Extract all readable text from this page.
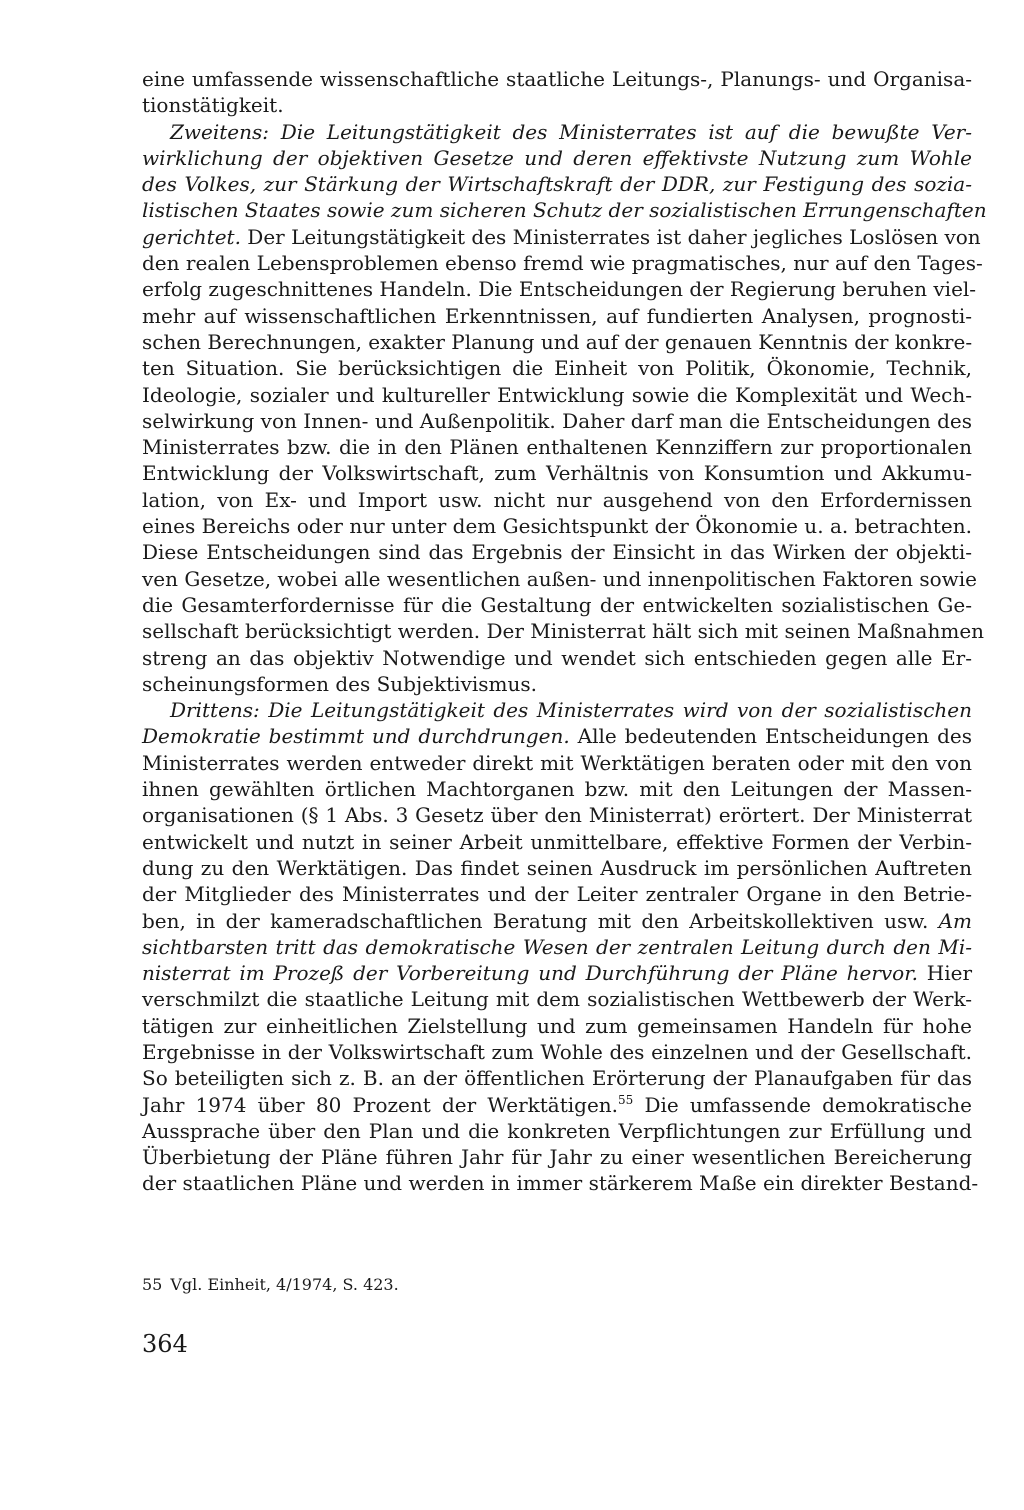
eine umfassende wissenschaftliche staatliche Leitungs-, Planungs- und Organisa-
tionstätigkeit.
Zweitens: Die Leitungstätigkeit des Ministerrates ist auf die bewußte Ver-
wirklichung der objektiven Gesetze und deren effektivste Nutzung zum Wohle
des Volkes, zur Stärkung der Wirtschaftskraft der DDR, zur Festigung des sozia-
listischen Staates sowie zum sicheren Schutz der sozialistischen Errungenschaften
gerichtet. Der Leitungstätigkeit des Ministerrates ist daher jegliches Loslösen von
den realen Lebensproblemen ebenso fremd wie pragmatisches, nur auf den Tages-
erfolg zugeschnittenes Handeln. Die Entscheidungen der Regierung beruhen viel-
mehr auf wissenschaftlichen Erkenntnissen, auf fundierten Analysen, prognosti-
schen Berechnungen, exakter Planung und auf der genauen Kenntnis der konkre-
ten Situation. Sie berücksichtigen die Einheit von Politik, Ökonomie, Technik,
Ideologie, sozialer und kultureller Entwicklung sowie die Komplexität und Wech-
selwirkung von Innen- und Außenpolitik. Daher darf man die Entscheidungen des
Ministerrates bzw. die in den Plänen enthaltenen Kennziffern zur proportionalen
Entwicklung der Volkswirtschaft, zum Verhältnis von Konsumtion und Akkumu-
lation, von Ex- und Import usw. nicht nur ausgehend von den Erfordernissen
eines Bereichs oder nur unter dem Gesichtspunkt der Ökonomie u. a. betrachten.
Diese Entscheidungen sind das Ergebnis der Einsicht in das Wirken der objekti-
ven Gesetze, wobei alle wesentlichen außen- und innenpolitischen Faktoren sowie
die Gesamterfordernisse für die Gestaltung der entwickelten sozialistischen Ge-
sellschaft berücksichtigt werden. Der Ministerrat hält sich mit seinen Maßnahmen
streng an das objektiv Notwendige und wendet sich entschieden gegen alle Er-
scheinungsformen des Subjektivismus.
Drittens: Die Leitungstätigkeit des Ministerrates wird von der sozialistischen
Demokratie bestimmt und durchdrungen. Alle bedeutenden Entscheidungen des
Ministerrates werden entweder direkt mit Werktätigen beraten oder mit den von
ihnen gewählten örtlichen Machtorganen bzw. mit den Leitungen der Massen-
organisationen (§ 1 Abs. 3 Gesetz über den Ministerrat) erörtert. Der Ministerrat
entwickelt und nutzt in seiner Arbeit unmittelbare, effektive Formen der Verbin-
dung zu den Werktätigen. Das findet seinen Ausdruck im persönlichen Auftreten
der Mitglieder des Ministerrates und der Leiter zentraler Organe in den Betrie-
ben, in der kameradschaftlichen Beratung mit den Arbeitskollektiven usw. Am
sichtbarsten tritt das demokratische Wesen der zentralen Leitung durch den Mi-
nisterrat im Prozeß der Vorbereitung und Durchführung der Pläne hervor. Hier
verschmilzt die staatliche Leitung mit dem sozialistischen Wettbewerb der Werk-
tätigen zur einheitlichen Zielstellung und zum gemeinsamen Handeln für hohe
Ergebnisse in der Volkswirtschaft zum Wohle des einzelnen und der Gesellschaft.
So beteiligten sich z. B. an der öffentlichen Erörterung der Planaufgaben für das
Jahr 1974 über 80 Prozent der Werktätigen.$^{55}$ Die umfassende demokratische
Aussprache über den Plan und die konkreten Verpflichtungen zur Erfüllung und
Überbietung der Pläne führen Jahr für Jahr zu einer wesentlichen Bereicherung
der staatlichen Pläne und werden in immer stärkerem Maße ein direkter Bestand-
55 Vgl. Einheit, 4/1974, S. 423.
364
